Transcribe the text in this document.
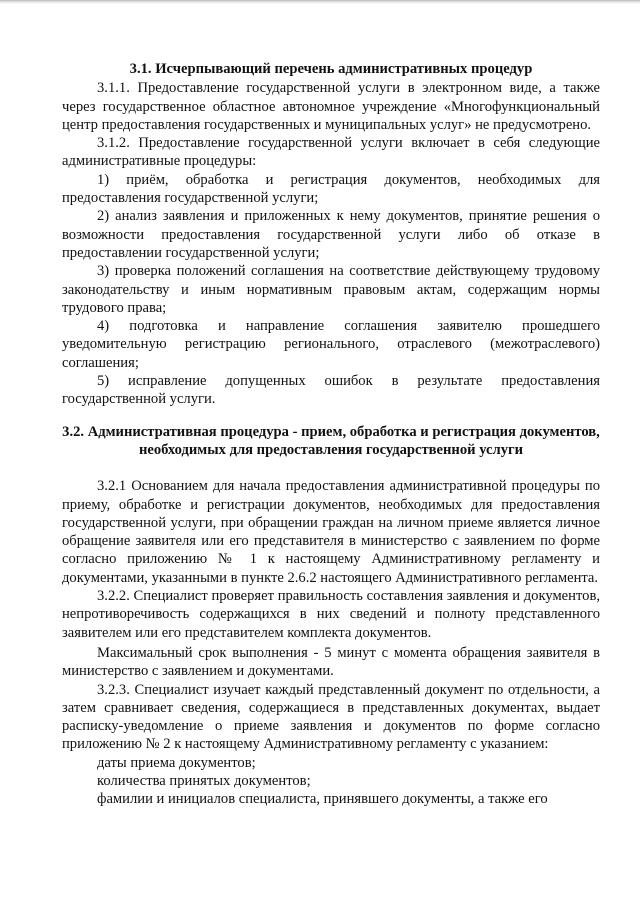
3.1. Исчерпывающий перечень административных процедур

3.1.1. Предоставление государственной услуги в электронном виде, а также через государственное областное автономное учреждение «Многофункциональный центр предоставления государственных и муниципальных услуг» не предусмотрено.

3.1.2. Предоставление государственной услуги включает в себя следующие административные процедуры:

1) приём, обработка и регистрация документов, необходимых для предоставления государственной услуги;

2) анализ заявления и приложенных к нему документов, принятие решения о возможности предоставления государственной услуги либо об отказе в предоставлении государственной услуги;

3) проверка положений соглашения на соответствие действующему трудовому законодательству и иным нормативным правовым актам, содержащим нормы трудового права;

4) подготовка и направление соглашения заявителю прошедшего уведомительную регистрацию регионального, отраслевого (межотраслевого) соглашения;

5) исправление допущенных ошибок в результате предоставления государственной услуги.

3.2. Административная процедура - прием, обработка и регистрация документов, необходимых для предоставления государственной услуги

3.2.1 Основанием для начала предоставления административной процедуры по приему, обработке и регистрации документов, необходимых для предоставления государственной услуги, при обращении граждан на личном приеме является личное обращение заявителя или его представителя в министерство с заявлением по форме согласно приложению № 1 к настоящему Административному регламенту и документами, указанными в пункте 2.6.2 настоящего Административного регламента.

3.2.2. Специалист проверяет правильность составления заявления и документов, непротиворечивость содержащихся в них сведений и полноту представленного заявителем или его представителем комплекта документов.

Максимальный срок выполнения - 5 минут с момента обращения заявителя в министерство с заявлением и документами.

3.2.3. Специалист изучает каждый представленный документ по отдельности, а затем сравнивает сведения, содержащиеся в представленных документах, выдает расписку-уведомление о приеме заявления и документов по форме согласно приложению № 2 к настоящему Административному регламенту с указанием:

даты приема документов;

количества принятых документов;

фамилии и инициалов специалиста, принявшего документы, а также его
